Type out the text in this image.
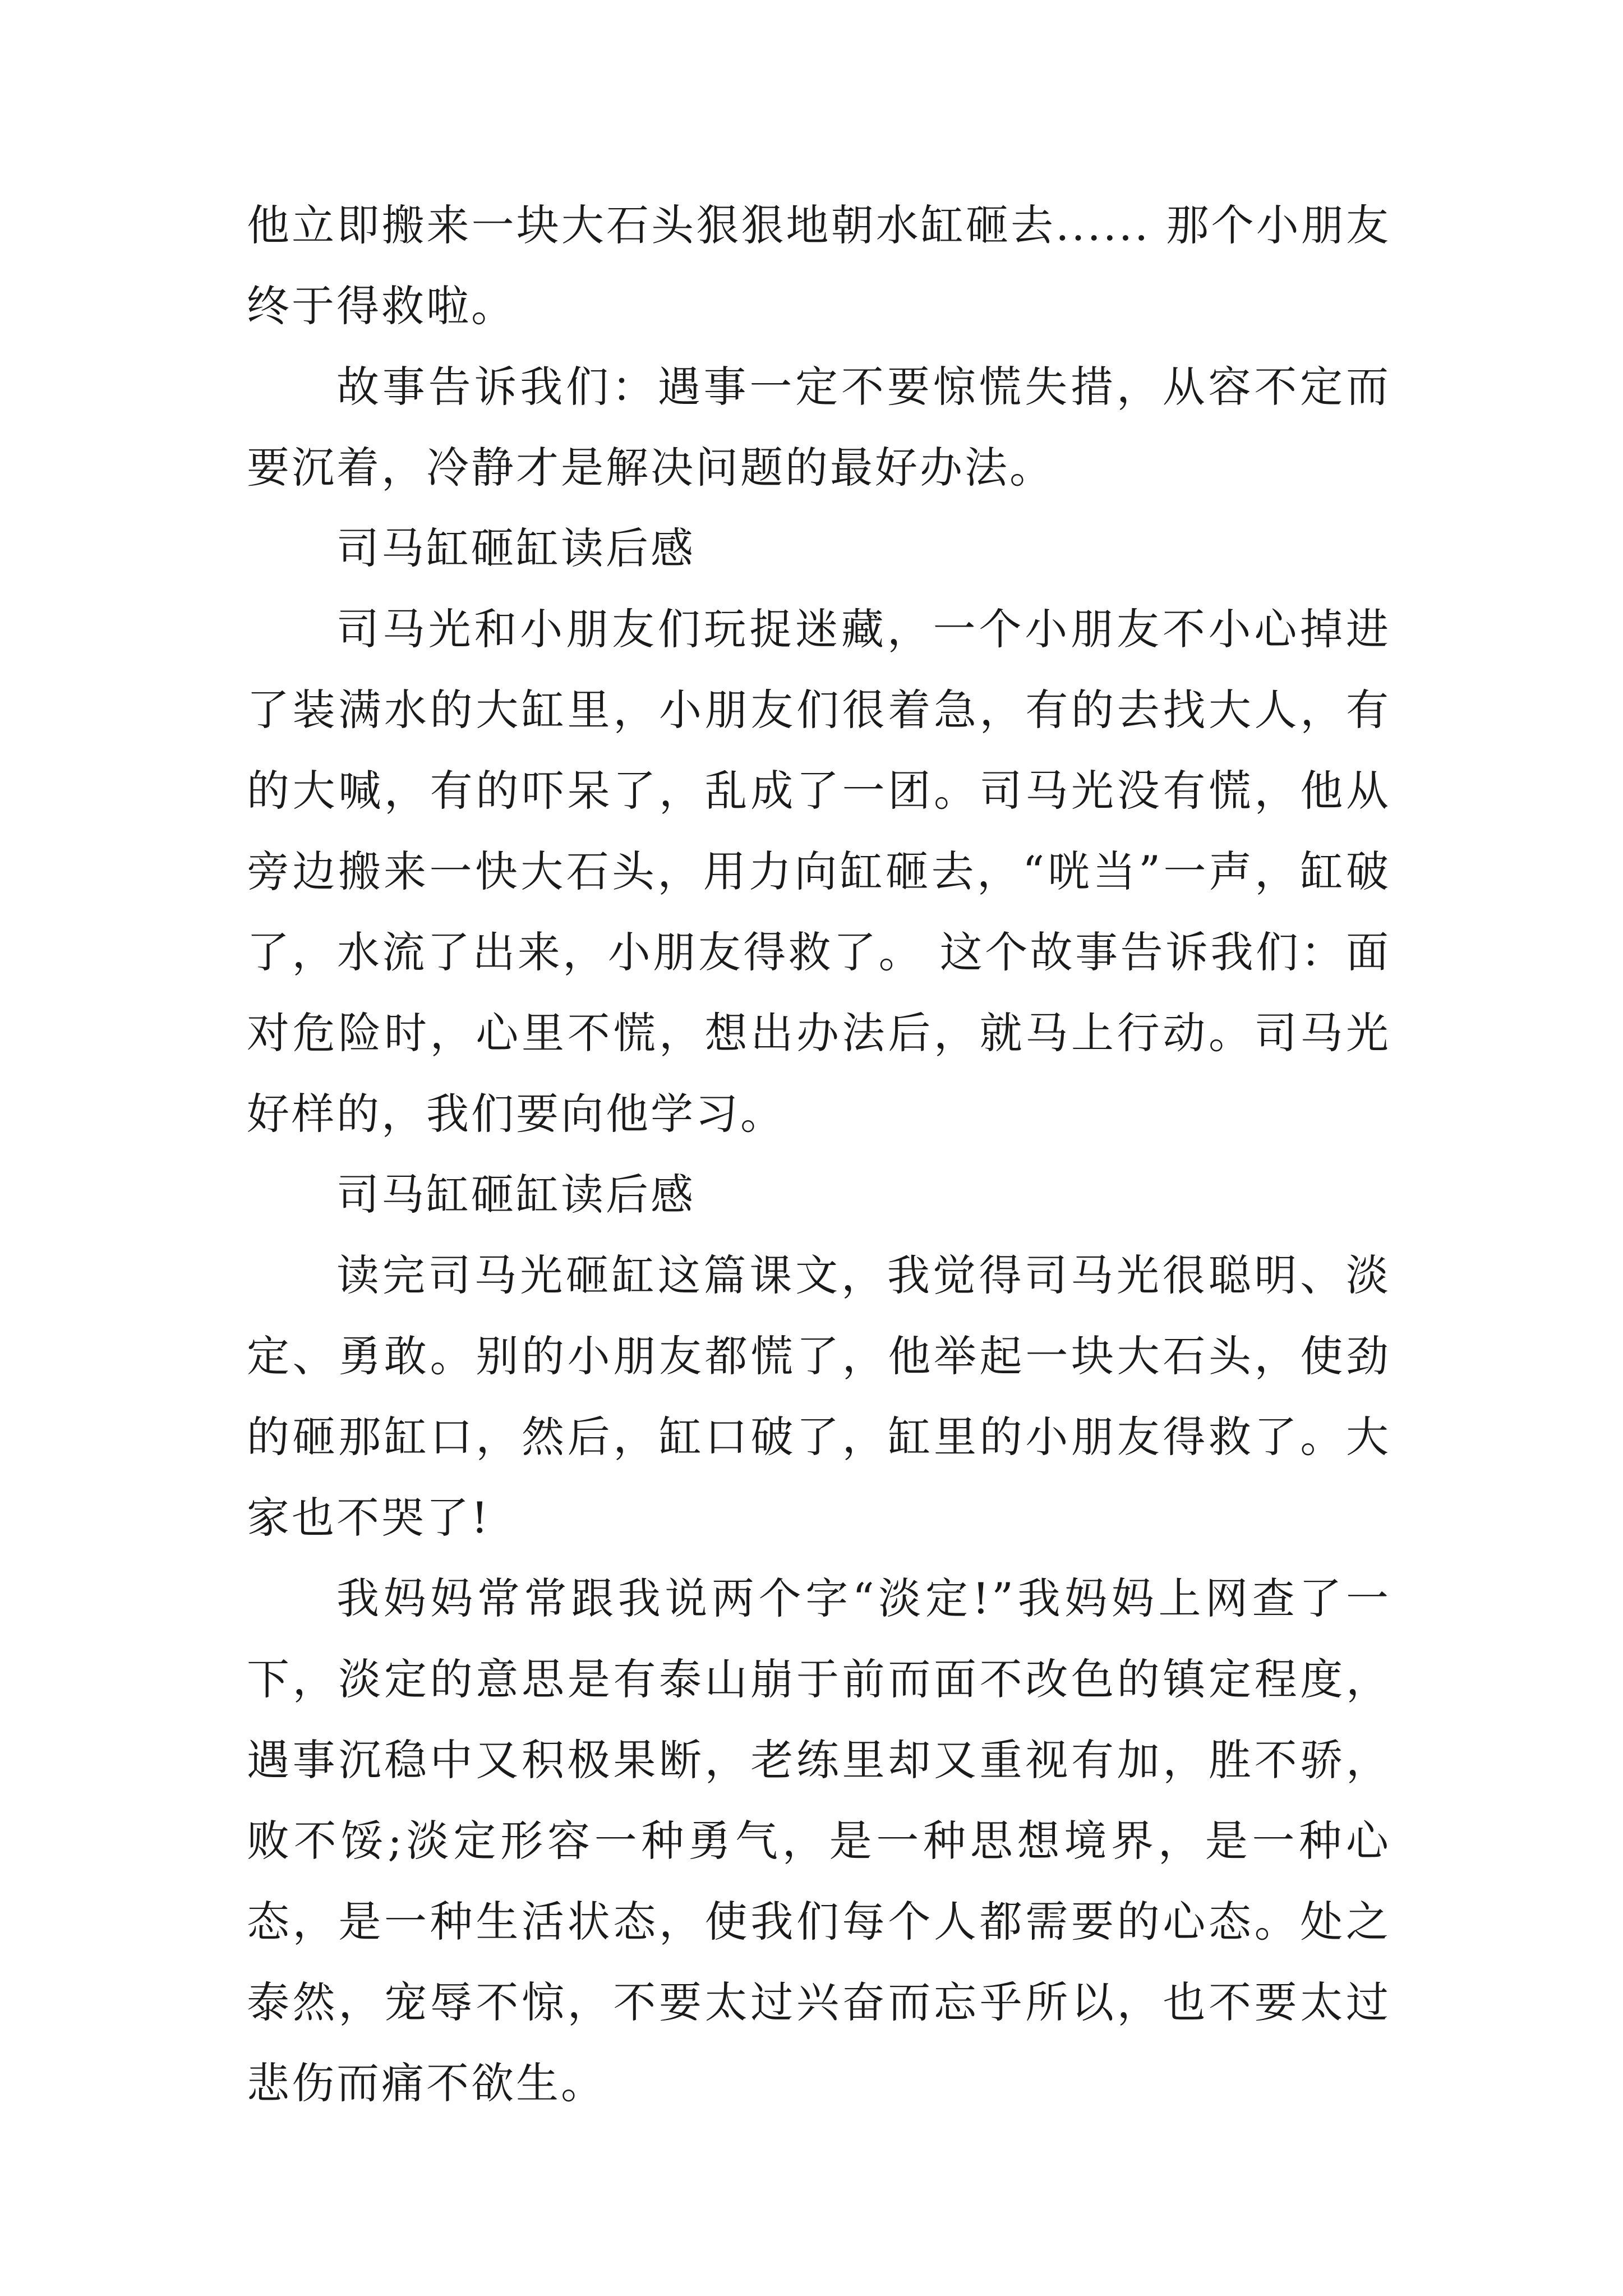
他立即搬来一块大石头狠狠地朝水缸砸去...... 那个小朋友终于得救啦。

故事告诉我们：遇事一定不要惊慌失措，从容不定而要沉着，冷静才是解决问题的最好办法。

司马缸砸缸读后感

司马光和小朋友们玩捉迷藏，一个小朋友不小心掉进了装满水的大缸里，小朋友们很着急，有的去找大人，有的大喊，有的吓呆了，乱成了一团。司马光没有慌，他从旁边搬来一快大石头，用力向缸砸去，“咣当”一声，缸破了，水流了出来，小朋友得救了。 这个故事告诉我们：面对危险时，心里不慌，想出办法后，就马上行动。司马光好样的，我们要向他学习。

司马缸砸缸读后感

读完司马光砸缸这篇课文，我觉得司马光很聪明、淡定、勇敢。别的小朋友都慌了，他举起一块大石头，使劲的砸那缸口，然后，缸口破了，缸里的小朋友得救了。大家也不哭了!

我妈妈常常跟我说两个字“淡定!”我妈妈上网查了一下，淡定的意思是有泰山崩于前而面不改色的镇定程度，遇事沉稳中又积极果断，老练里却又重视有加，胜不骄，败不馁;淡定形容一种勇气，是一种思想境界，是一种心态，是一种生活状态，使我们每个人都需要的心态。处之泰然，宠辱不惊，不要太过兴奋而忘乎所以，也不要太过悲伤而痛不欲生。
